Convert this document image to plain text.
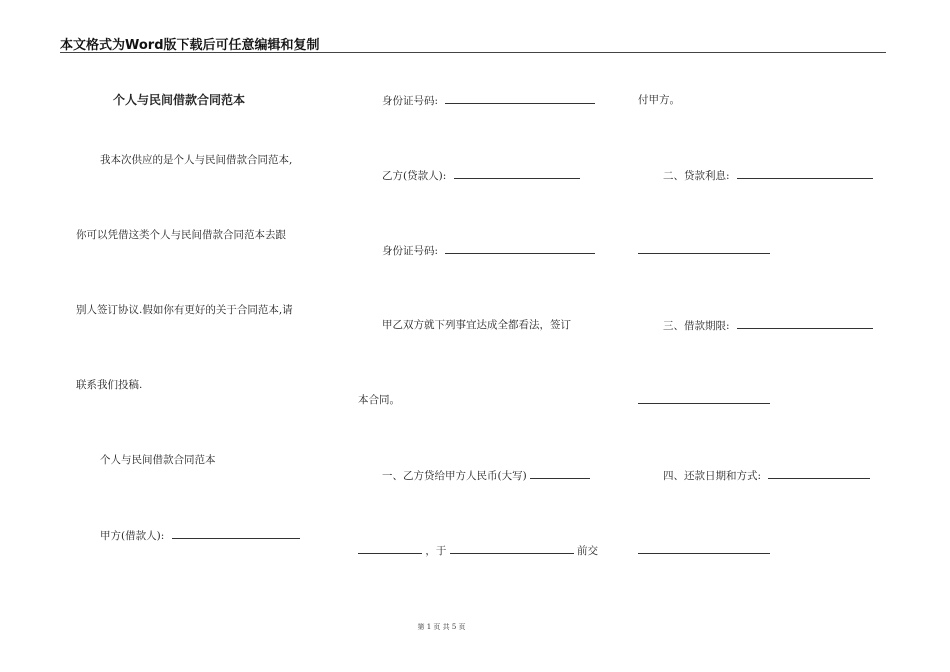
本文格式为Word版下载后可任意编辑和复制
个人与民间借款合同范本
我本次供应的是个人与民间借款合同范本,
你可以凭借这类个人与民间借款合同范本去跟
别人签订协议.假如你有更好的关于合同范本,请
联系我们投稿.
个人与民间借款合同范本
甲方(借款人):
身份证号码:
乙方(贷款人):
身份证号码:
甲乙双方就下列事宜达成全都看法，签订
本合同。
一、乙方贷给甲方人民币(大写)
，于	前交
付甲方。
二、贷款利息:
三、借款期限:
四、还款日期和方式:
第 1 页 共 5 页
